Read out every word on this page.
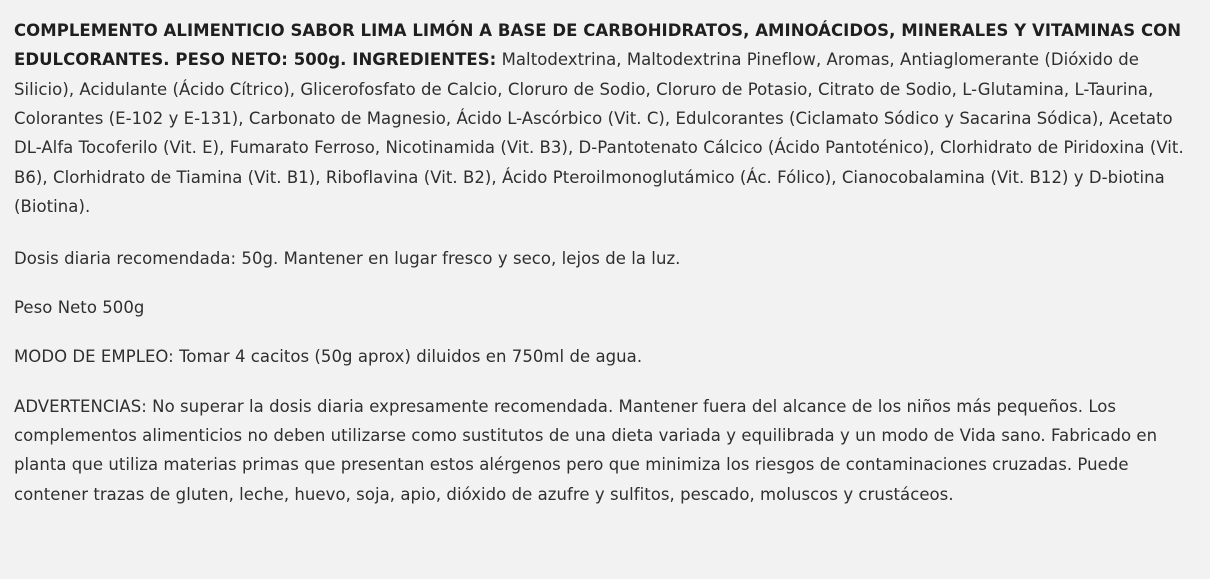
COMPLEMENTO ALIMENTICIO SABOR LIMA LIMÓN A BASE DE CARBOHIDRATOS, AMINOÁCIDOS, MINERALES Y VITAMINAS CON EDULCORANTES. PESO NETO: 500g. INGREDIENTES: Maltodextrina, Maltodextrina Pineflow, Aromas, Antiaglomerante (Dióxido de Silicio), Acidulante (Ácido Cítrico), Glicerofosfato de Calcio, Cloruro de Sodio, Cloruro de Potasio, Citrato de Sodio, L-Glutamina, L-Taurina, Colorantes (E-102 y E-131), Carbonato de Magnesio, Ácido L-Ascórbico (Vit. C), Edulcorantes (Ciclamato Sódico y Sacarina Sódica), Acetato DL-Alfa Tocoferilo (Vit. E), Fumarato Ferroso, Nicotinamida (Vit. B3), D-Pantotenato Cálcico (Ácido Pantoténico), Clorhidrato de Piridoxina (Vit. B6), Clorhidrato de Tiamina (Vit. B1), Riboflavina (Vit. B2), Ácido Pteroilmonoglutámico (Ác. Fólico), Cianocobalamina (Vit. B12) y D-biotina (Biotina).

Dosis diaria recomendada: 50g. Mantener en lugar fresco y seco, lejos de la luz.

Peso Neto 500g

MODO DE EMPLEO: Tomar 4 cacitos (50g aprox) diluidos en 750ml de agua.

ADVERTENCIAS: No superar la dosis diaria expresamente recomendada. Mantener fuera del alcance de los niños más pequeños. Los complementos alimenticios no deben utilizarse como sustitutos de una dieta variada y equilibrada y un modo de Vida sano. Fabricado en planta que utiliza materias primas que presentan estos alérgenos pero que minimiza los riesgos de contaminaciones cruzadas. Puede contener trazas de gluten, leche, huevo, soja, apio, dióxido de azufre y sulfitos, pescado, moluscos y crustáceos.
